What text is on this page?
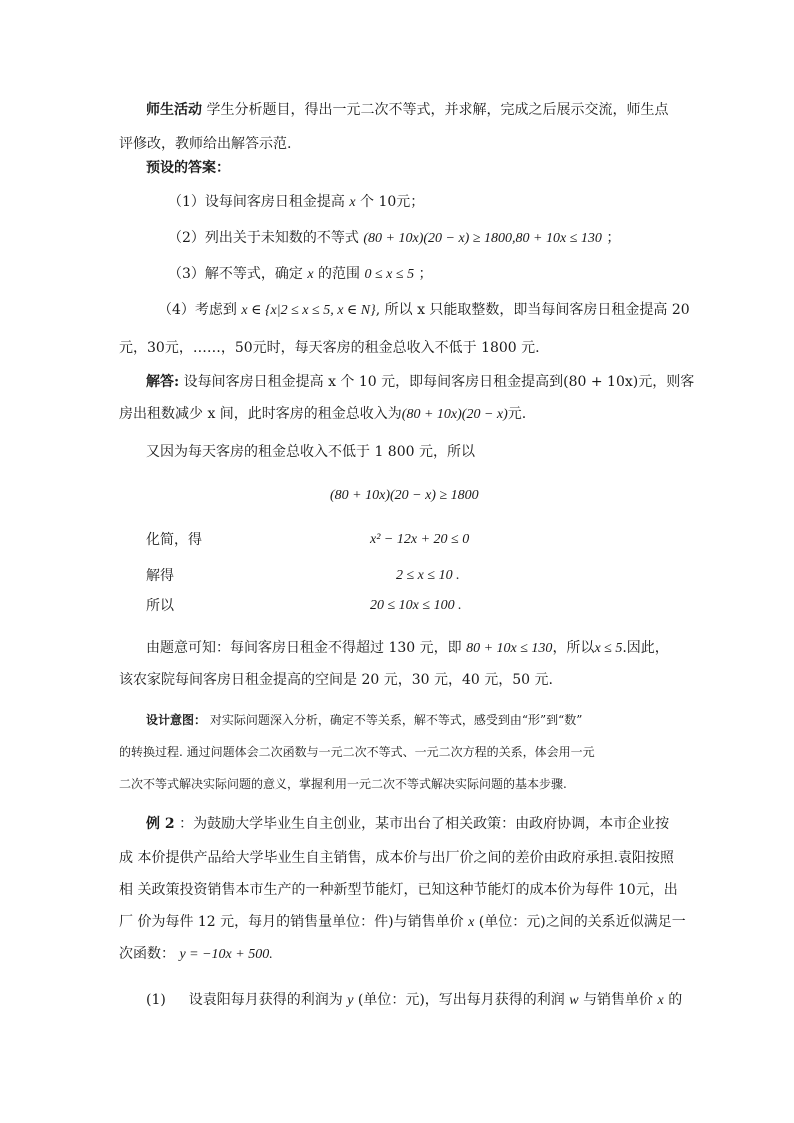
师生活动 学生分析题目，得出一元二次不等式，并求解，完成之后展示交流，师生点
评修改，教师给出解答示范.
预设的答案：
（1）设每间客房日租金提高 x 个 10元；
（2）列出关于未知数的不等式 (80 + 10x)(20 − x) ≥ 1800,80 + 10x ≤ 130 ；
（3）解不等式，确定 x 的范围 0 ≤ x ≤ 5 ；
（4）考虑到 x ∈ {x|2 ≤ x ≤ 5, x ∈ N}, 所以 x 只能取整数，即当每间客房日租金提高 20
元，30元，……，50元时，每天客房的租金总收入不低于 1800 元.
解答: 设每间客房日租金提高 x 个 10 元，即每间客房日租金提高到(80 + 10x)元，则客
房出租数减少 x 间，此时客房的租金总收入为(80 + 10x)(20 − x)元.
又因为每天客房的租金总收入不低于 1 800 元，所以
(80 + 10x)(20 − x) ≥ 1800
化简，得	x² − 12x + 20 ≤ 0
解得	2 ≤ x ≤ 10 .
所以	20 ≤ 10x ≤ 100 .
由题意可知：每间客房日租金不得超过 130 元，即 80 + 10x ≤ 130，所以x ≤ 5.因此，
该农家院每间客房日租金提高的空间是 20 元，30 元，40 元，50 元.
设计意图： 对实际问题深入分析，确定不等关系，解不等式，感受到由“形”到“数”
的转换过程. 通过问题体会二次函数与一元二次不等式、一元二次方程的关系，体会用一元
二次不等式解决实际问题的意义，掌握利用一元二次不等式解决实际问题的基本步骤.
例 2 ：为鼓励大学毕业生自主创业，某市出台了相关政策：由政府协调，本市企业按
成 本价提供产品给大学毕业生自主销售，成本价与出厂价之间的差价由政府承担.袁阳按照
相 关政策投资销售本市生产的一种新型节能灯，已知这种节能灯的成本价为每件 10元，出
厂 价为每件 12 元，每月的销售量单位：件)与销售单价 x (单位：元)之间的关系近似满足一
次函数： y = −10x + 500.
(1) 设袁阳每月获得的利润为 y (单位：元)，写出每月获得的利润 w 与销售单价 x 的
